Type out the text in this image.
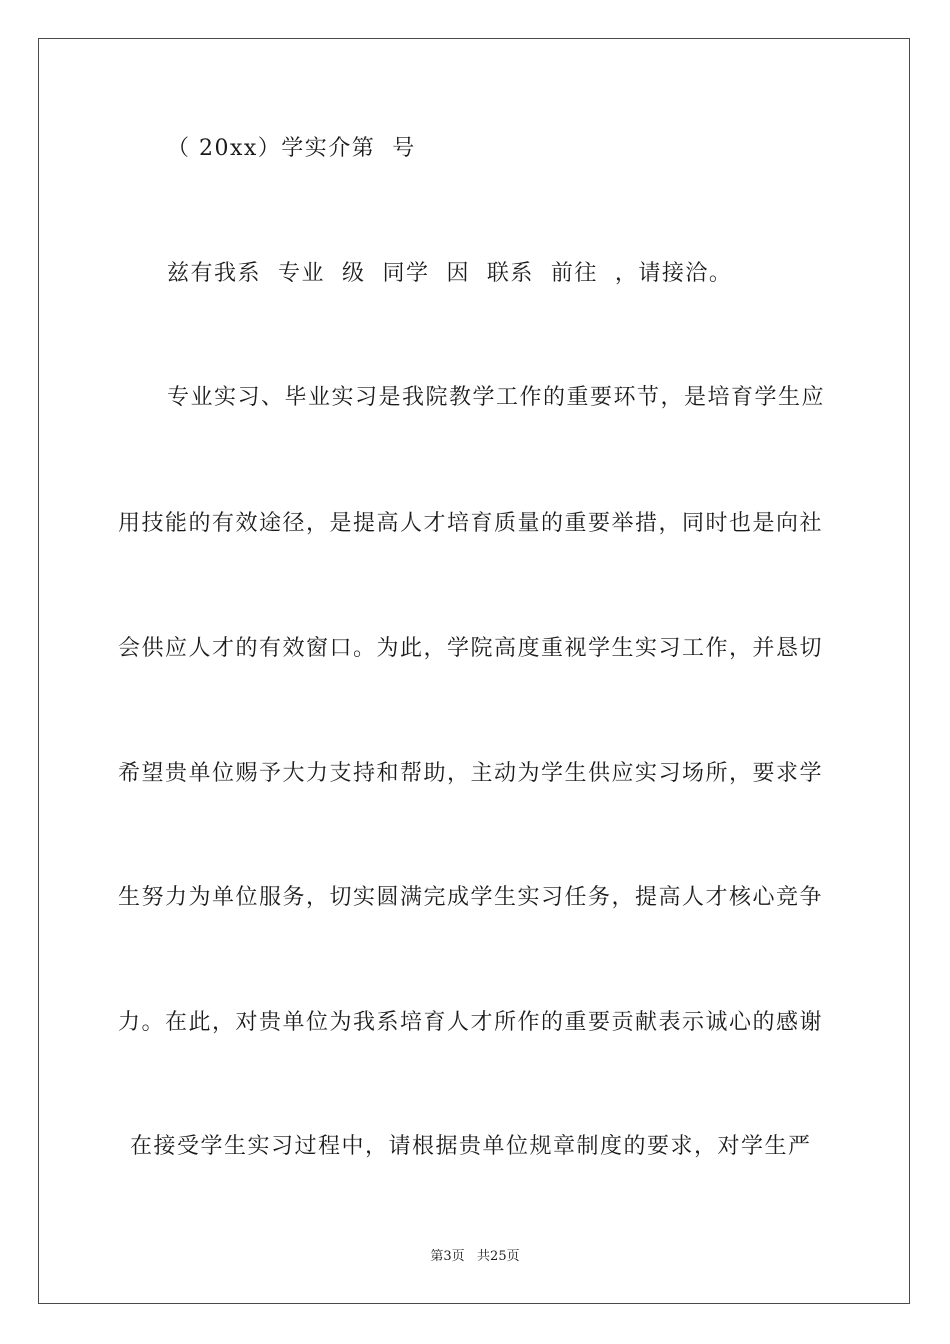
（ 20xx）学实介第  号
兹有我系  专业  级  同学  因  联系  前往  ，请接洽。
专业实习、毕业实习是我院教学工作的重要环节，是培育学生应
用技能的有效途径，是提高人才培育质量的重要举措，同时也是向社
会供应人才的有效窗口。为此，学院高度重视学生实习工作，并恳切
希望贵单位赐予大力支持和帮助，主动为学生供应实习场所，要求学
生努力为单位服务，切实圆满完成学生实习任务，提高人才核心竞争
力。在此，对贵单位为我系培育人才所作的重要贡献表示诚心的感谢
在接受学生实习过程中，请根据贵单位规章制度的要求，对学生严
第3页   共25页
